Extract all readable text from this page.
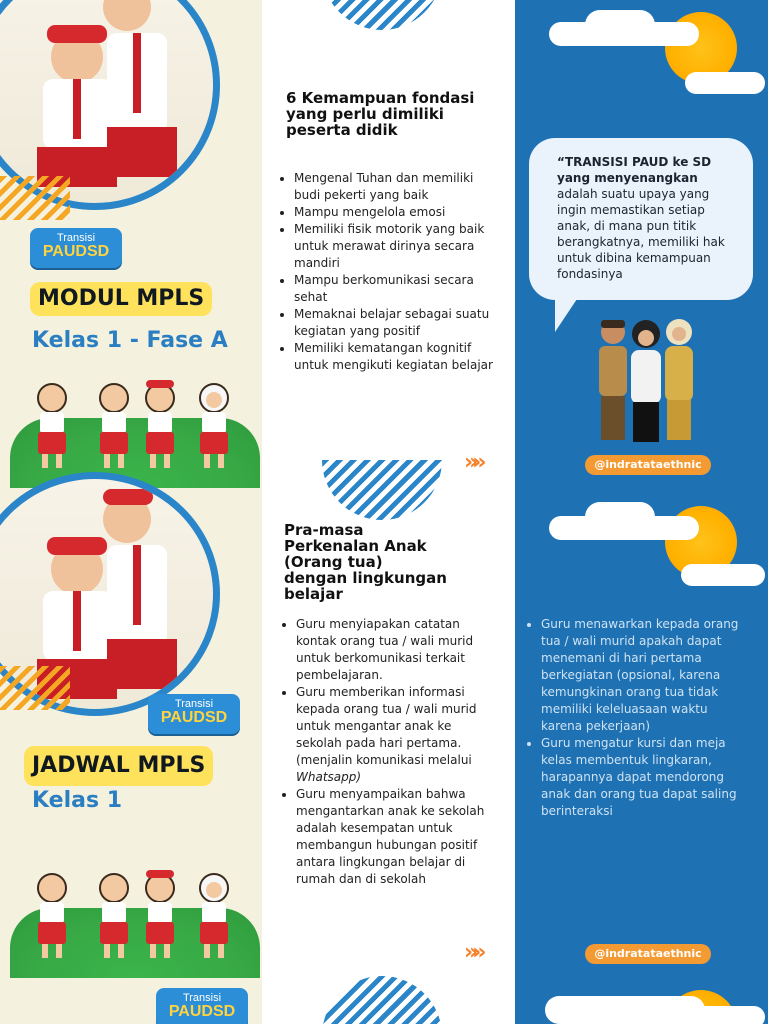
Transisi
PAUDSD
MODUL MPLS
Kelas 1 - Fase A
Transisi
PAUDSD
JADWAL MPLS
Kelas 1
Transisi
PAUDSD
6 Kemampuan fondasi
yang perlu dimiliki
peserta didik
• Mengenal Tuhan dan memiliki
budi pekerti yang baik
• Mampu mengelola emosi
• Memiliki fisik motorik yang baik
untuk merawat dirinya secara
mandiri
• Mampu berkomunikasi secara
sehat
• Memaknai belajar sebagai suatu
kegiatan yang positif
• Memiliki kematangan kognitif
untuk mengikuti kegiatan belajar
»»
Pra-masa
Perkenalan Anak
(Orang tua)
dengan lingkungan
belajar
• Guru menyiapakan catatan
kontak orang tua / wali murid
untuk berkomunikasi terkait
pembelajaran.
• Guru memberikan informasi
kepada orang tua / wali murid
untuk mengantar anak ke
sekolah pada hari pertama.
(menjalin komunikasi melalui
Whatsapp)
• Guru menyampaikan bahwa
mengantarkan anak ke sekolah
adalah kesempatan untuk
membangun hubungan positif
antara lingkungan belajar di
rumah dan di sekolah
»»
“TRANSISI PAUD ke SD yang menyenangkan adalah suatu upaya yang ingin memastikan setiap anak, di mana pun titik berangkatnya, memiliki hak untuk dibina kemampuan fondasinya
@indratataethnic
• Guru menawarkan kepada orang
tua / wali murid apakah dapat
menemani di hari pertama
berkegiatan (opsional, karena
kemungkinan orang tua tidak
memiliki keleluasaan waktu
karena pekerjaan)
• Guru mengatur kursi dan meja
kelas membentuk lingkaran,
harapannya dapat mendorong
anak dan orang tua dapat saling
berinteraksi
@indratataethnic
